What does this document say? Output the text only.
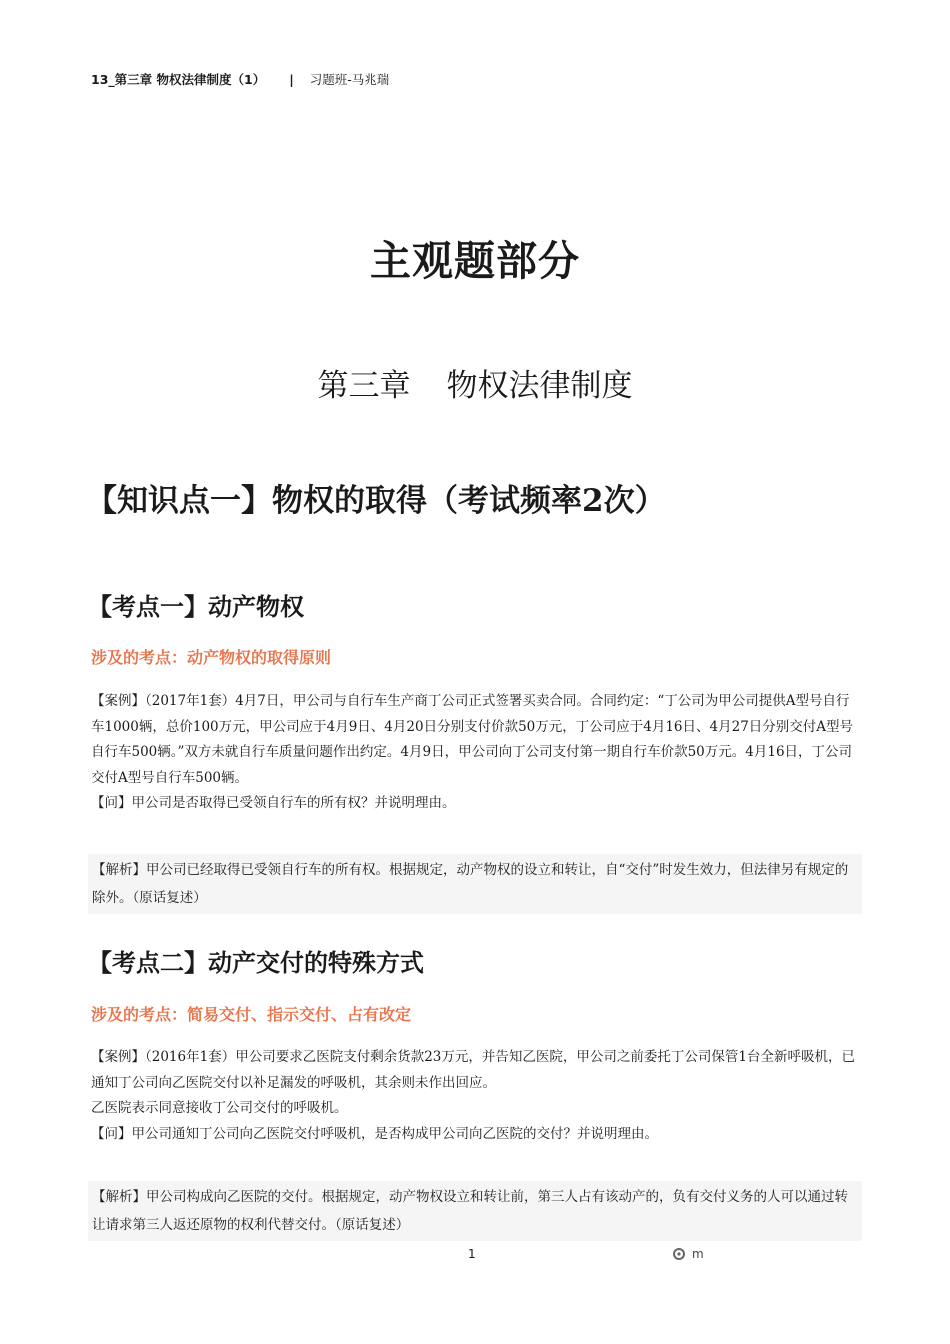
13_第三章 物权法律制度（1） | 习题班-马兆瑞
主观题部分
第三章 物权法律制度
【知识点一】物权的取得（考试频率2次）
【考点一】动产物权
涉及的考点：动产物权的取得原则

【案例】（2017年1套）4月7日，甲公司与自行车生产商丁公司正式签署买卖合同。合同约定：“丁公司为甲公司提供A型号自行车1000辆，总价100万元，甲公司应于4月9日、4月20日分别支付价款50万元，丁公司应于4月16日、4月27日分别交付A型号自行车500辆。”双方未就自行车质量问题作出约定。4月9日，甲公司向丁公司支付第一期自行车价款50万元。4月16日，丁公司交付A型号自行车500辆。

【问】甲公司是否取得已受领自行车的所有权？并说明理由。

【解析】甲公司已经取得已受领自行车的所有权。根据规定，动产物权的设立和转让，自“交付”时发生效力，但法律另有规定的除外。（原话复述）
【考点二】动产交付的特殊方式
涉及的考点：简易交付、指示交付、占有改定

【案例】（2016年1套）甲公司要求乙医院支付剩余货款23万元，并告知乙医院，甲公司之前委托丁公司保管1台全新呼吸机，已通知丁公司向乙医院交付以补足漏发的呼吸机，其余则未作出回应。

乙医院表示同意接收丁公司交付的呼吸机。

【问】甲公司通知丁公司向乙医院交付呼吸机，是否构成甲公司向乙医院的交付？并说明理由。

【解析】甲公司构成向乙医院的交付。根据规定，动产物权设立和转让前，第三人占有该动产的，负有交付义务的人可以通过转让请求第三人返还原物的权利代替交付。（原话复述）
1	m
